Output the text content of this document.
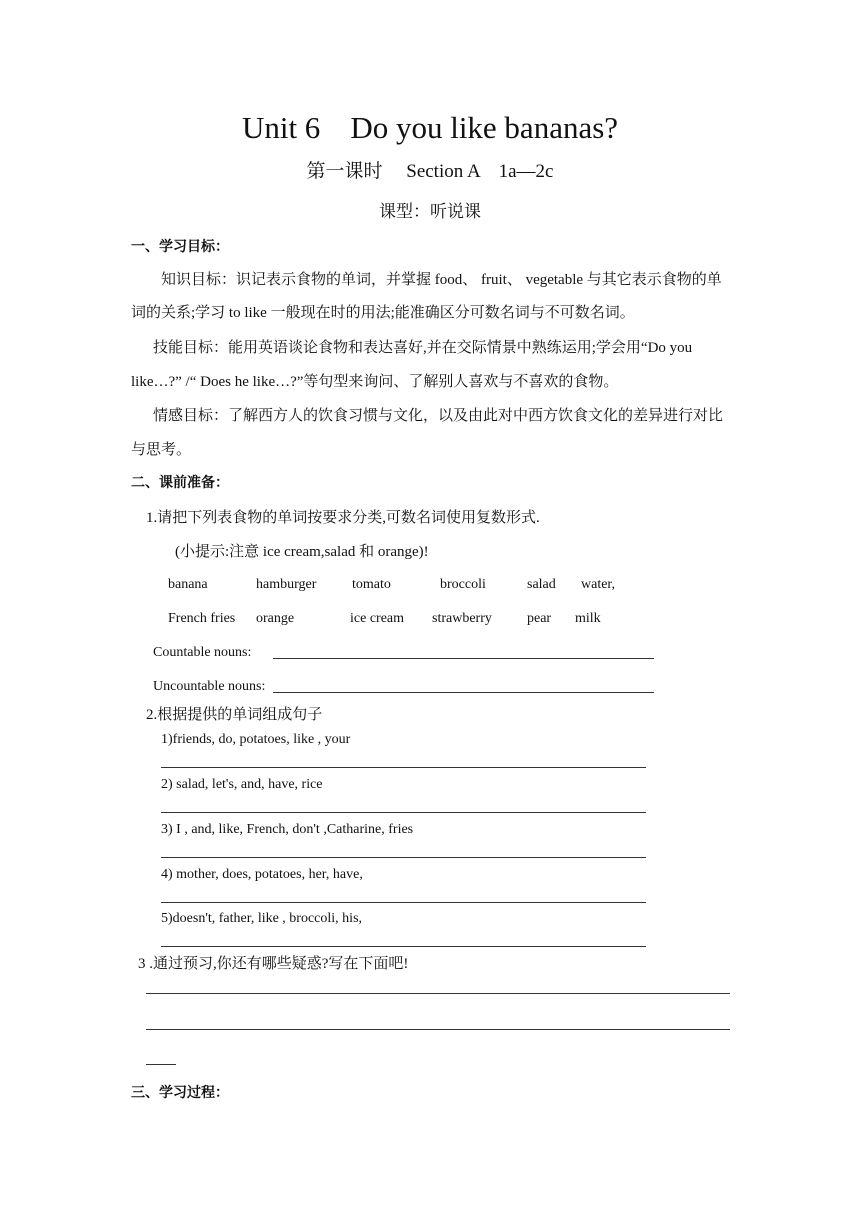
Unit 6 Do you like bananas?
第一课时　 Section A　1a—2c
课型：听说课
一、学习目标：
知识目标：识记表示食物的单词，并掌握 food、 fruit、 vegetable 与其它表示食物的单
词的关系;学习 to like 一般现在时的用法;能准确区分可数名词与不可数名词。
技能目标：能用英语谈论食物和表达喜好,并在交际情景中熟练运用;学会用“Do you
like…?” /“ Does he like…?”等句型来询问、了解别人喜欢与不喜欢的食物。
情感目标：了解西方人的饮食习惯与文化，以及由此对中西方饮食文化的差异进行对比
与思考。
二、课前准备：
1.请把下列表食物的单词按要求分类,可数名词使用复数形式.
(小提示:注意 ice cream,salad 和 orange)!
banana	hamburger	tomato	broccoli	salad water,
French fries orange	ice cream strawberry	pear milk
Countable nouns:
Uncountable nouns:
2.根据提供的单词组成句子
1)friends, do, potatoes, like , your
2) salad, let's, and, have, rice
3) I , and, like, French, don't ,Catharine, fries
4) mother, does, potatoes, her, have,
5)doesn't, father, like , broccoli, his,
3 .通过预习,你还有哪些疑惑?写在下面吧!
三、学习过程：
